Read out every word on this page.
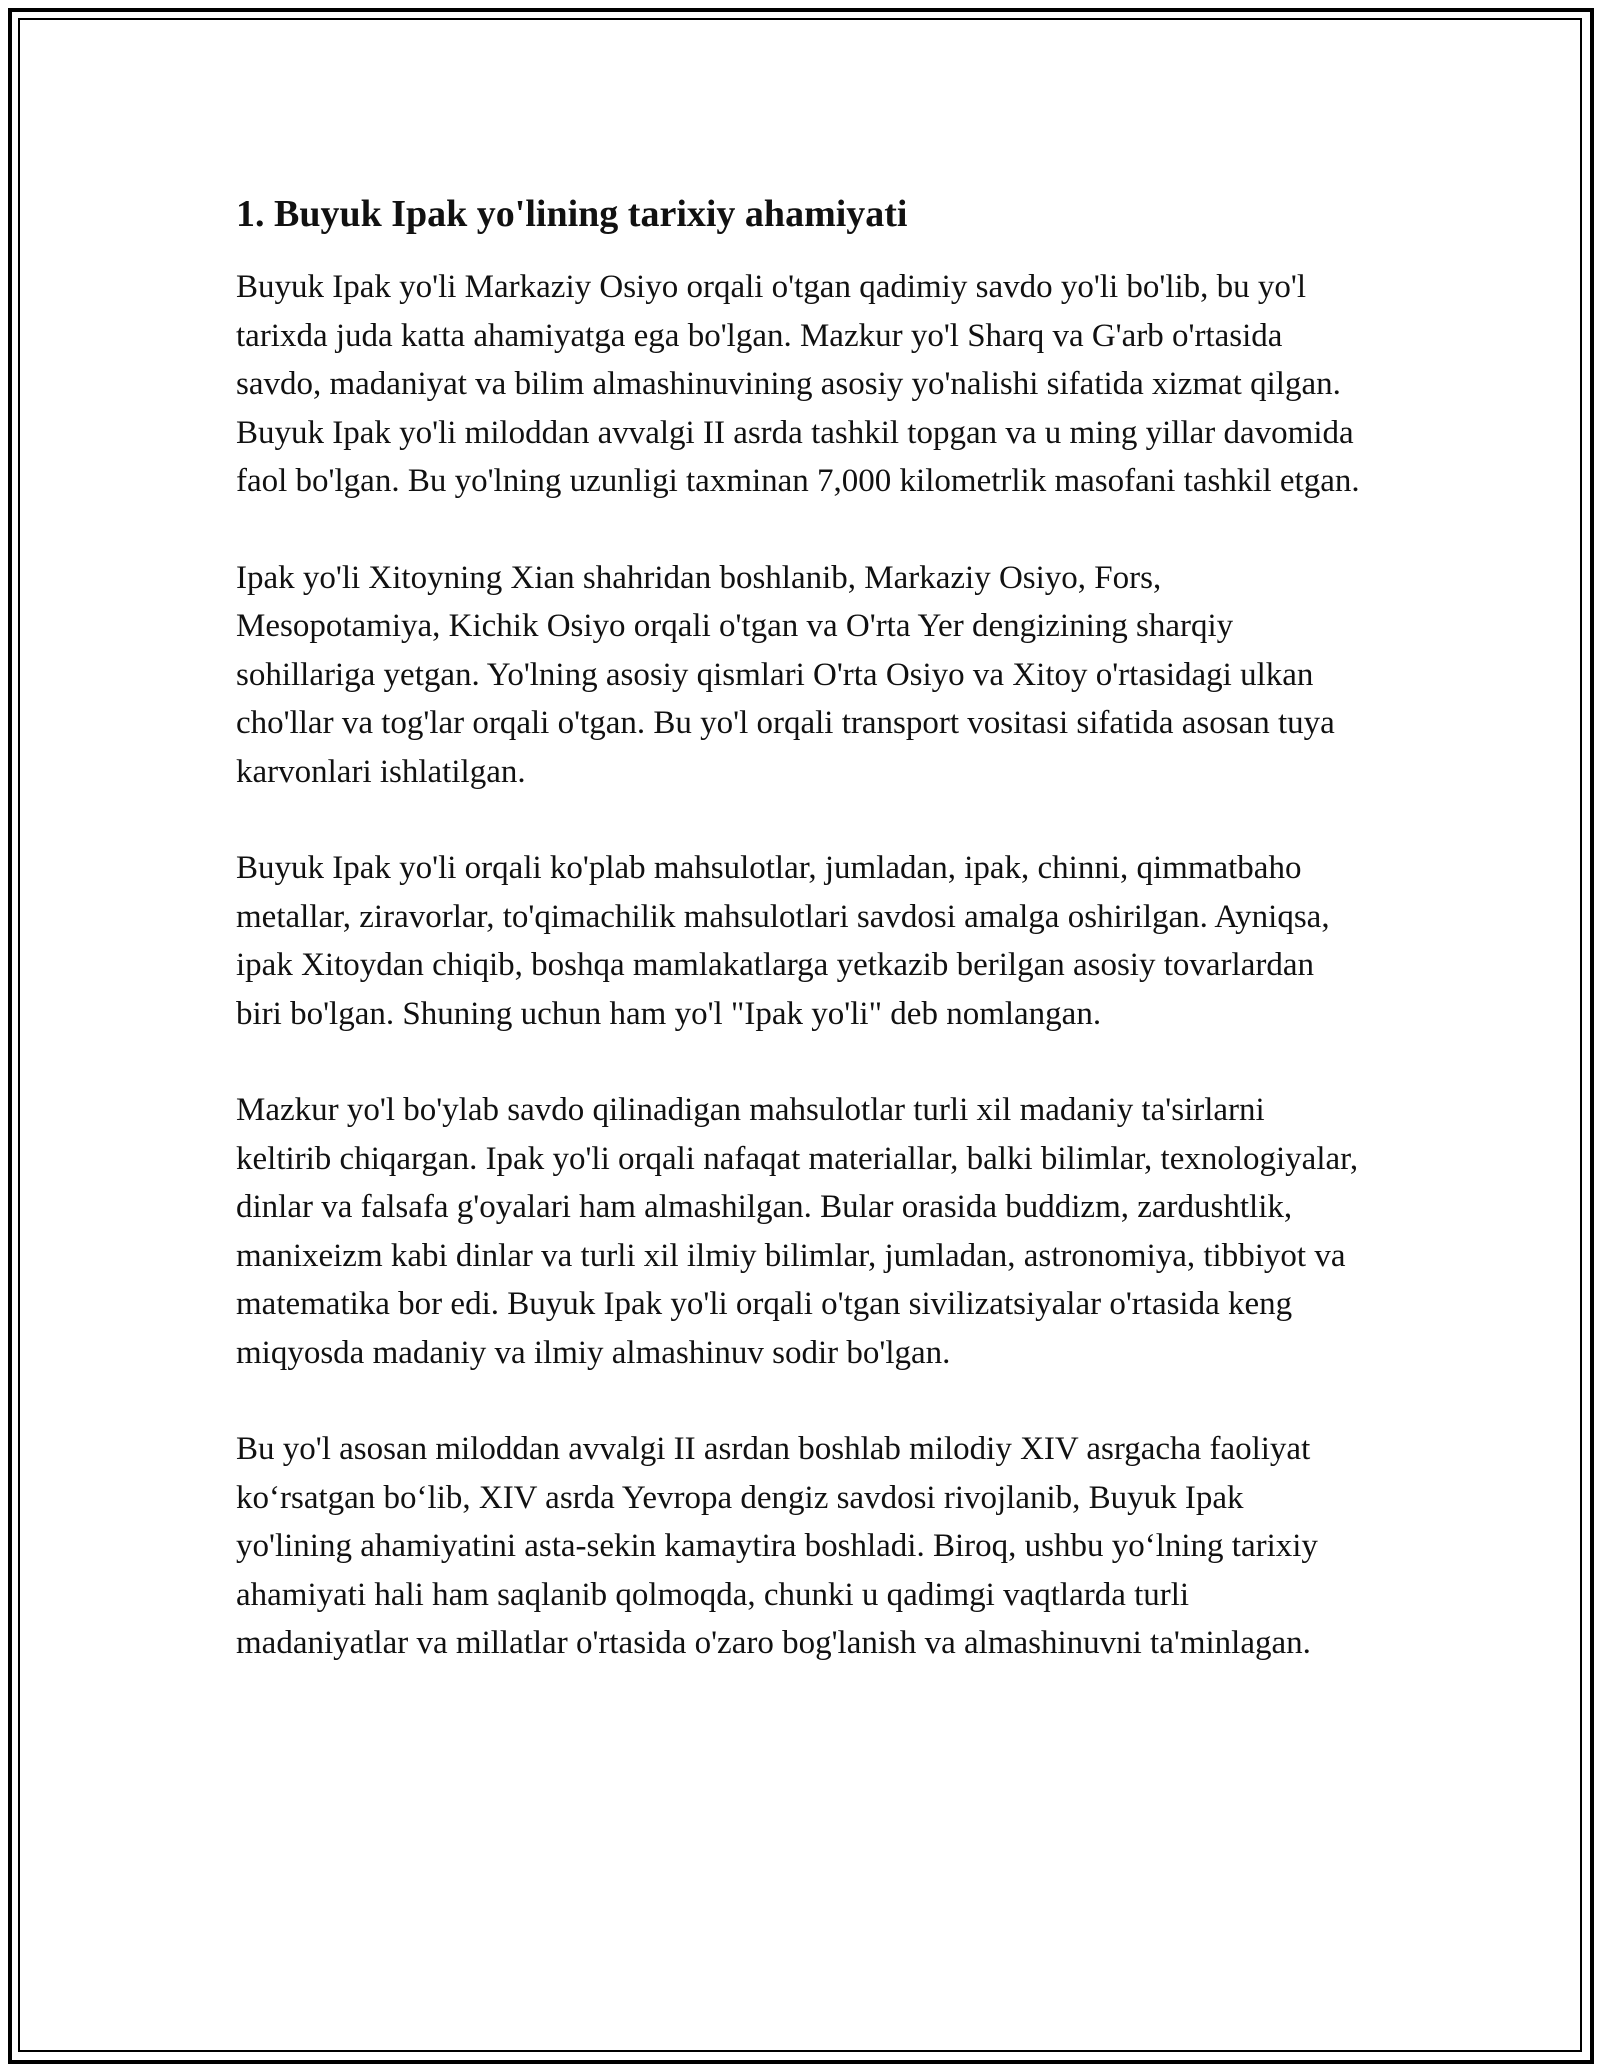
1. Buyuk Ipak yo'lining tarixiy ahamiyati

Buyuk Ipak yo'li Markaziy Osiyo orqali o'tgan qadimiy savdo yo'li bo'lib, bu yo'l tarixda juda katta ahamiyatga ega bo'lgan. Mazkur yo'l Sharq va G'arb o'rtasida savdo, madaniyat va bilim almashinuvining asosiy yo'nalishi sifatida xizmat qilgan. Buyuk Ipak yo'li miloddan avvalgi II asrda tashkil topgan va u ming yillar davomida faol bo'lgan. Bu yo'lning uzunligi taxminan 7,000 kilometrlik masofani tashkil etgan.

Ipak yo'li Xitoyning Xian shahridan boshlanib, Markaziy Osiyo, Fors, Mesopotamiya, Kichik Osiyo orqali o'tgan va O'rta Yer dengizining sharqiy sohillariga yetgan. Yo'lning asosiy qismlari O'rta Osiyo va Xitoy o'rtasidagi ulkan cho'llar va tog'lar orqali o'tgan. Bu yo'l orqali transport vositasi sifatida asosan tuya karvonlari ishlatilgan.

Buyuk Ipak yo'li orqali ko'plab mahsulotlar, jumladan, ipak, chinni, qimmatbaho metallar, ziravorlar, to'qimachilik mahsulotlari savdosi amalga oshirilgan. Ayniqsa, ipak Xitoydan chiqib, boshqa mamlakatlarga yetkazib berilgan asosiy tovarlardan biri bo'lgan. Shuning uchun ham yo'l "Ipak yo'li" deb nomlangan.

Mazkur yo'l bo'ylab savdo qilinadigan mahsulotlar turli xil madaniy ta'sirlarni keltirib chiqargan. Ipak yo'li orqali nafaqat materiallar, balki bilimlar, texnologiyalar, dinlar va falsafa g'oyalari ham almashilgan. Bular orasida buddizm, zardushtlik, manixeizm kabi dinlar va turli xil ilmiy bilimlar, jumladan, astronomiya, tibbiyot va matematika bor edi. Buyuk Ipak yo'li orqali o'tgan sivilizatsiyalar o'rtasida keng miqyosda madaniy va ilmiy almashinuv sodir bo'lgan.

Bu yo'l asosan miloddan avvalgi II asrdan boshlab milodiy XIV asrgacha faoliyat ko‘rsatgan bo‘lib, XIV asrda Yevropa dengiz savdosi rivojlanib, Buyuk Ipak yo'lining ahamiyatini asta-sekin kamaytira boshladi. Biroq, ushbu yo‘lning tarixiy ahamiyati hali ham saqlanib qolmoqda, chunki u qadimgi vaqtlarda turli madaniyatlar va millatlar o'rtasida o'zaro bog'lanish va almashinuvni ta'minlagan.
